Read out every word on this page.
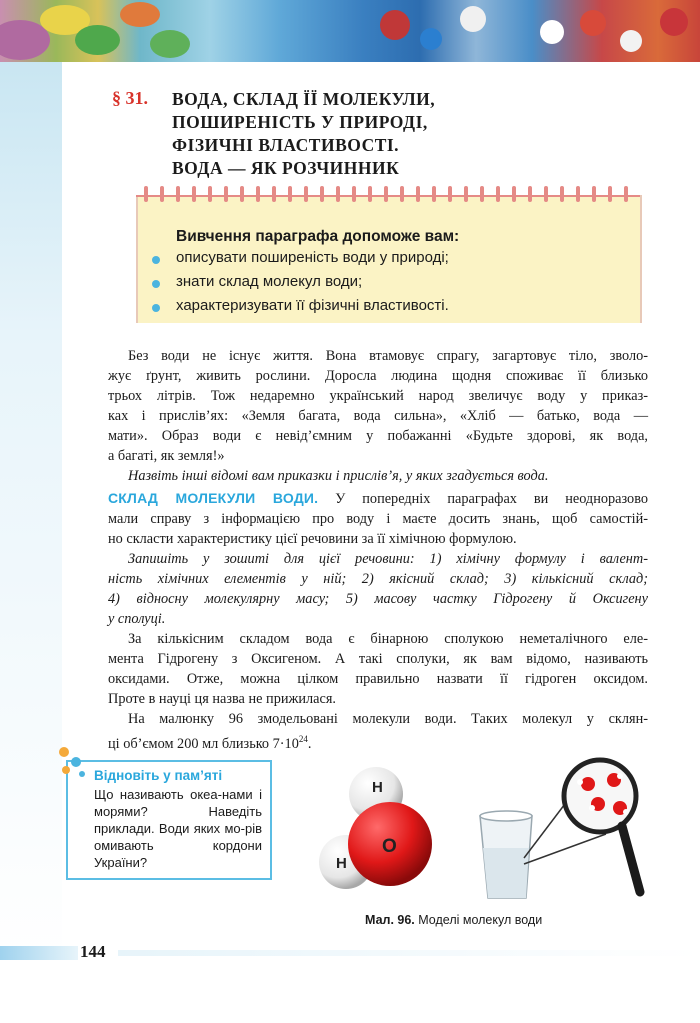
§ 31. ВОДА, СКЛАД ЇЇ МОЛЕКУЛИ,
ПОШИРЕНІСТЬ У ПРИРОДІ,
ФІЗИЧНІ ВЛАСТИВОСТІ.
ВОДА — ЯК РОЗЧИННИК
Вивчення параграфа допоможе вам:
описувати поширеність води у природі;
знати склад молекул води;
характеризувати її фізичні властивості.
Без води не існує життя. Вона втамовує спрагу, загартовує тіло, зволо-
жує ґрунт, живить рослини. Доросла людина щодня споживає її близько
трьох літрів. Тож недаремно український народ звеличує воду у приказ-
ках і прислів’ях: «Земля багата, вода сильна», «Хліб — батько, вода —
мати». Образ води є невід’ємним у побажанні «Будьте здорові, як вода,
а багаті, як земля!»
Назвіть інші відомі вам приказки і прислів’я, у яких згадується вода.
СКЛАД МОЛЕКУЛИ ВОДИ. У попередніх параграфах ви неодноразово
мали справу з інформацією про воду і маєте досить знань, щоб самостій-
но скласти характеристику цієї речовини за її хімічною формулою.
Запишіть у зошиті для цієї речовини: 1) хімічну формулу і валент-
ність хімічних елементів у ній; 2) якісний склад; 3) кількісний склад;
4) відносну молекулярну масу; 5) масову частку Гідрогену й Оксигену
у сполуці.
За кількісним складом вода є бінарною сполукою неметалічного еле-
мента Гідрогену з Оксигеном. А такі сполуки, як вам відомо, називають
оксидами. Отже, можна цілком правильно назвати її гідроген оксидом.
Проте в науці ця назва не прижилася.
На малюнку 96 змодельовані молекули води. Таких молекул у склян-
ці об’ємом 200 мл близько $7\cdot 10^{24}$.
Відновіть у пам’яті
Що називають океа-нами і морями? Наведіть приклади. Води яких мо-рів омивають кордони України?
H
O
H
Мал. 96. Моделі молекул води
144
